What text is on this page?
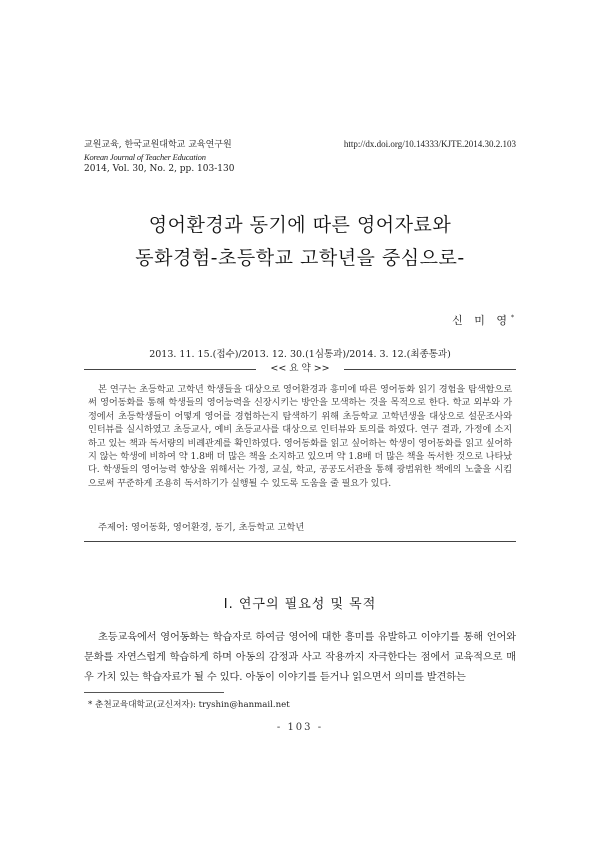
교원교육, 한국교원대학교 교육연구원
Korean Journal of Teacher Education
2014, Vol. 30, No. 2, pp. 103-130
http://dx.doi.org/10.14333/KJTE.2014.30.2.103
영어환경과 동기에 따른 영어자료와
동화경험-초등학교 고학년을 중심으로-
신 미 영*
2013. 11. 15.(접수)/2013. 12. 30.(1심통과)/2014. 3. 12.(최종통과)
<< 요 약 >>
본 연구는 초등학교 고학년 학생들을 대상으로 영어환경과 흥미에 따른 영어동화 읽기 경험을 탐색함으로써 영어동화를 통해 학생들의 영어능력을 신장시키는 방안을 모색하는 것을 목적으로 한다. 학교 외부와 가정에서 초등학생들이 어떻게 영어를 경험하는지 탐색하기 위해 초등학교 고학년생을 대상으로 설문조사와 인터뷰를 실시하였고 초등교사, 예비 초등교사를 대상으로 인터뷰와 토의를 하였다. 연구 결과, 가정에 소지하고 있는 책과 독서량의 비례관계를 확인하였다. 영어동화를 읽고 싶어하는 학생이 영어동화를 읽고 싶어하지 않는 학생에 비하여 약 1.8배 더 많은 책을 소지하고 있으며 약 1.8배 더 많은 책을 독서한 것으로 나타났다. 학생들의 영어능력 향상을 위해서는 가정, 교실, 학교, 공공도서관을 통해 광범위한 책에의 노출을 시킴으로써 꾸준하게 조용히 독서하기가 실행될 수 있도록 도움을 줄 필요가 있다.
주제어: 영어동화, 영어환경, 동기, 초등학교 고학년
Ⅰ. 연구의 필요성 및 목적
초등교육에서 영어동화는 학습자로 하여금 영어에 대한 흥미를 유발하고 이야기를 통해 언어와 문화를 자연스럽게 학습하게 하며 아동의 감정과 사고 작용까지 자극한다는 점에서 교육적으로 매우 가치 있는 학습자료가 될 수 있다. 아동이 이야기를 듣거나 읽으면서 의미를 발견하는
* 춘천교육대학교(교신저자): tryshin@hanmail.net
- 103 -
